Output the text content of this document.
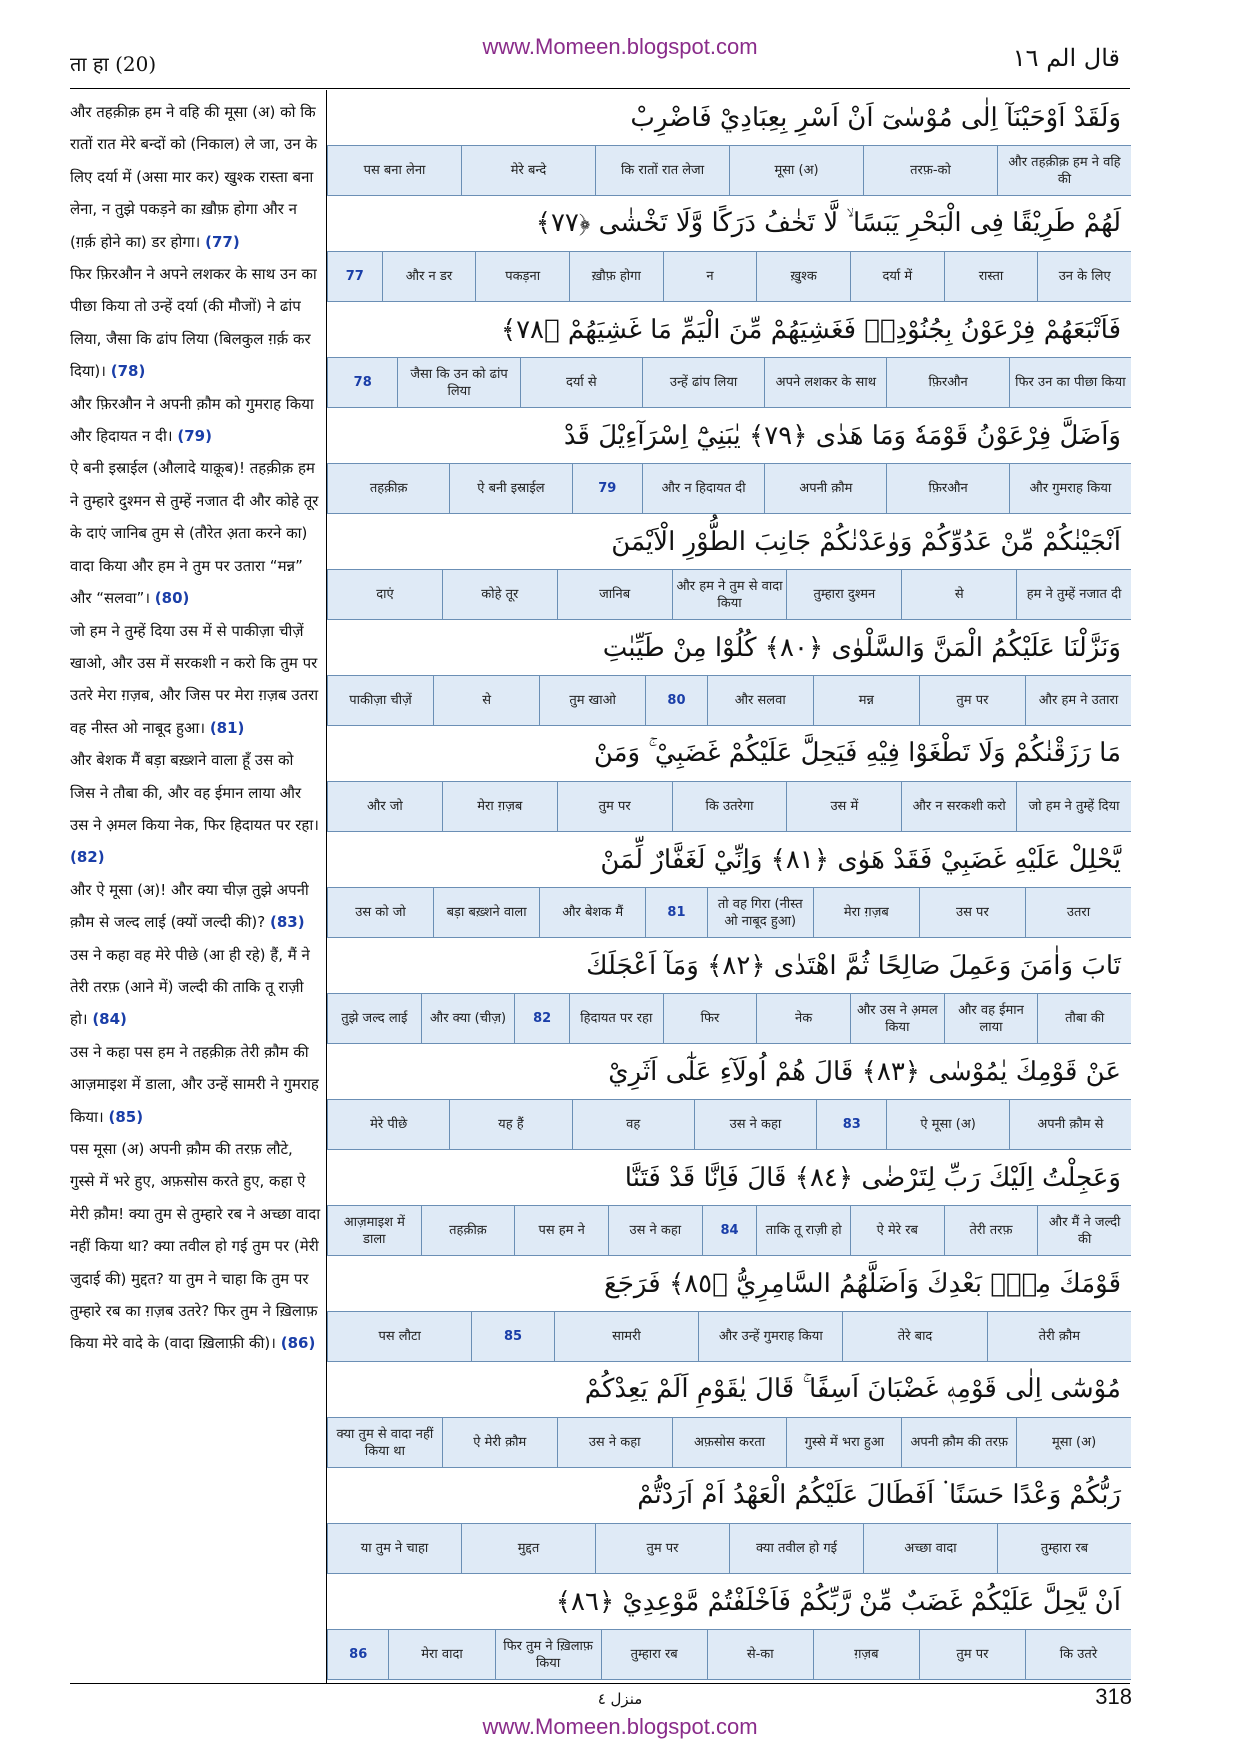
ता हा (20)
www.Momeen.blogspot.com	قال الم ١٦

और तहक़ीक़ हम ने वहि की मूसा (अ) को कि रातों रात मेरे बन्दों को (निकाल) ले जा, उन के लिए दर्या में (असा मार कर) खुश्क रास्ता बना लेना, न तुझे पकड़ने का ख़ौफ़ होगा और न (ग़र्क़ होने का) डर होगा। (77)

फिर फ़िरऔन ने अपने लशकर के साथ उन का पीछा किया तो उन्हें दर्या (की मौजों) ने ढांप लिया, जैसा कि ढांप लिया (बिलकुल ग़र्क़ कर दिया)। (78)

और फ़िरऔन ने अपनी क़ौम को गुमराह किया और हिदायत न दी। (79)

ऐ बनी इस्राईल (औलादे याक़ूब)! तहक़ीक़ हम ने तुम्हारे दुश्मन से तुम्हें नजात दी और कोहे तूर के दाएं जानिब तुम से (तौरेत अ़ता करने का) वादा किया और हम ने तुम पर उतारा “मन्न” और “सलवा”। (80)

जो हम ने तुम्हें दिया उस में से पाकीज़ा चीज़ें खाओ, और उस में सरकशी न करो कि तुम पर उतरे मेरा ग़ज़ब, और जिस पर मेरा ग़ज़ब उतरा वह नीस्त ओ नाबूद हुआ। (81)

और बेशक मैं बड़ा बख़्शने वाला हूँ उस को जिस ने तौबा की, और वह ईमान लाया और उस ने अ़मल किया नेक, फिर हिदायत पर रहा। (82)

और ऐ मूसा (अ)! और क्या चीज़ तुझे अपनी क़ौम से जल्द लाई (क्यों जल्दी की)? (83)

उस ने कहा वह मेरे पीछे (आ ही रहे) हैं, मैं ने तेरी तरफ़ (आने में) जल्दी की ताकि तू राज़ी हो। (84)

उस ने कहा पस हम ने तहक़ीक़ तेरी क़ौम की आज़माइश में डाला, और उन्हें सामरी ने गुमराह किया। (85)

पस मूसा (अ) अपनी क़ौम की तरफ़ लौटे, गुस्से में भरे हुए, अफ़सोस करते हुए, कहा ऐ मेरी क़ौम! क्या तुम से तुम्हारे रब ने अच्छा वादा नहीं किया था? क्या तवील हो गई तुम पर (मेरी जुदाई की) मुद्दत? या तुम ने चाहा कि तुम पर तुम्हारे रब का ग़ज़ब उतरे? फिर तुम ने ख़िलाफ़ किया मेरे वादे के (वादा ख़िलाफ़ी की)। (86)

وَلَقَدْ اَوْحَيْنَآ اِلٰى مُوْسٰىٓ اَنْ اَسْرِ بِعِبَادِيْ فَاضْرِبْ
और तहक़ीक़ हम ने वहि की
तरफ़-को
मूसा (अ)
कि रातों रात लेजा
मेरे बन्दे
पस बना लेना
لَهُمْ طَرِيْقًا فِى الْبَحْرِ يَبَسًا ۙ لَّا تَخٰفُ دَرَكًا وَّلَا تَخْشٰى ﴿٧٧﴾
उन के लिए
रास्ता
दर्या में
ख़ुश्क
न
ख़ौफ़ होगा
पकड़ना
और न डर
77
فَاَتْبَعَهُمْ فِرْعَوْنُ بِجُنُوْدِهٖ فَغَشِيَهُمْ مِّنَ الْيَمِّ مَا غَشِيَهُمْ ﴿٧٨﴾
फिर उन का पीछा किया
फ़िरऔन
अपने लशकर के साथ
उन्हें ढांप लिया
दर्या से
जैसा कि उन को ढांप लिया
78
وَاَضَلَّ فِرْعَوْنُ قَوْمَهٗ وَمَا هَدٰى ﴿٧٩﴾ يٰبَنِيْٓ اِسْرَآءِيْلَ قَدْ
और गुमराह किया
फ़िरऔन
अपनी क़ौम
और न हिदायत दी
79
ऐ बनी इस्राईल
तहक़ीक़
اَنْجَيْنٰكُمْ مِّنْ عَدُوِّكُمْ وَوٰعَدْنٰكُمْ جَانِبَ الطُّوْرِ الْاَيْمَنَ
हम ने तुम्हें नजात दी
से
तुम्हारा दुश्मन
और हम ने तुम से वादा किया
जानिब
कोहे तूर
दाएं
وَنَزَّلْنَا عَلَيْكُمُ الْمَنَّ وَالسَّلْوٰى ﴿٨٠﴾ كُلُوْا مِنْ طَيِّبٰتِ
और हम ने उतारा
तुम पर
मन्न
और सलवा
80
तुम खाओ
से
पाकीज़ा चीज़ें
مَا رَزَقْنٰكُمْ وَلَا تَطْغَوْا فِيْهِ فَيَحِلَّ عَلَيْكُمْ غَضَبِيْ ۚ وَمَنْ
जो हम ने तुम्हें दिया
और न सरकशी करो
उस में
कि उतरेगा
तुम पर
मेरा ग़ज़ब
और जो
يَّحْلِلْ عَلَيْهِ غَضَبِيْ فَقَدْ هَوٰى ﴿٨١﴾ وَاِنِّيْ لَغَفَّارٌ لِّمَنْ
उतरा
उस पर
मेरा ग़ज़ब
तो वह गिरा (नीस्त ओ नाबूद हुआ)
81
और बेशक मैं
बड़ा बख़्शने वाला
उस को जो
تَابَ وَاٰمَنَ وَعَمِلَ صَالِحًا ثُمَّ اهْتَدٰى ﴿٨٢﴾ وَمَآ اَعْجَلَكَ
तौबा की
और वह ईमान लाया
और उस ने अ़मल किया
नेक
फिर
हिदायत पर रहा
82
और क्या (चीज़)
तुझे जल्द लाई
عَنْ قَوْمِكَ يٰمُوْسٰى ﴿٨٣﴾ قَالَ هُمْ اُولَآءِ عَلٰٓى اَثَرِيْ
अपनी क़ौम से
ऐ मूसा (अ)
83
उस ने कहा
वह
यह हैं
मेरे पीछे
وَعَجِلْتُ اِلَيْكَ رَبِّ لِتَرْضٰى ﴿٨٤﴾ قَالَ فَاِنَّا قَدْ فَتَنَّا
और मैं ने जल्दी की
तेरी तरफ़
ऐ मेरे रब
ताकि तू राज़ी हो
84
उस ने कहा
पस हम ने
तहक़ीक़
आज़माइश में डाला
قَوْمَكَ مِنْۢ بَعْدِكَ وَاَضَلَّهُمُ السَّامِرِيُّ ﴿٨٥﴾ فَرَجَعَ
तेरी क़ौम
तेरे बाद
और उन्हें गुमराह किया
सामरी
85
पस लौटा
مُوْسٰٓى اِلٰى قَوْمِهٖ غَضْبَانَ اَسِفًا ۚ قَالَ يٰقَوْمِ اَلَمْ يَعِدْكُمْ
मूसा (अ)
अपनी क़ौम की तरफ़
गुस्से में भरा हुआ
अफ़सोस करता
उस ने कहा
ऐ मेरी क़ौम
क्या तुम से वादा नहीं किया था
رَبُّكُمْ وَعْدًا حَسَنًا ۬ اَفَطَالَ عَلَيْكُمُ الْعَهْدُ اَمْ اَرَدْتُّمْ
तुम्हारा रब
अच्छा वादा
क्या तवील हो गई
तुम पर
मुद्दत
या तुम ने चाहा
اَنْ يَّحِلَّ عَلَيْكُمْ غَضَبٌ مِّنْ رَّبِّكُمْ فَاَخْلَفْتُمْ مَّوْعِدِيْ ﴿٨٦﴾
कि उतरे
तुम पर
ग़ज़ब
से-का
तुम्हारा रब
फिर तुम ने ख़िलाफ़ किया
मेरा वादा
86
منزل ٤	318
www.Momeen.blogspot.com
